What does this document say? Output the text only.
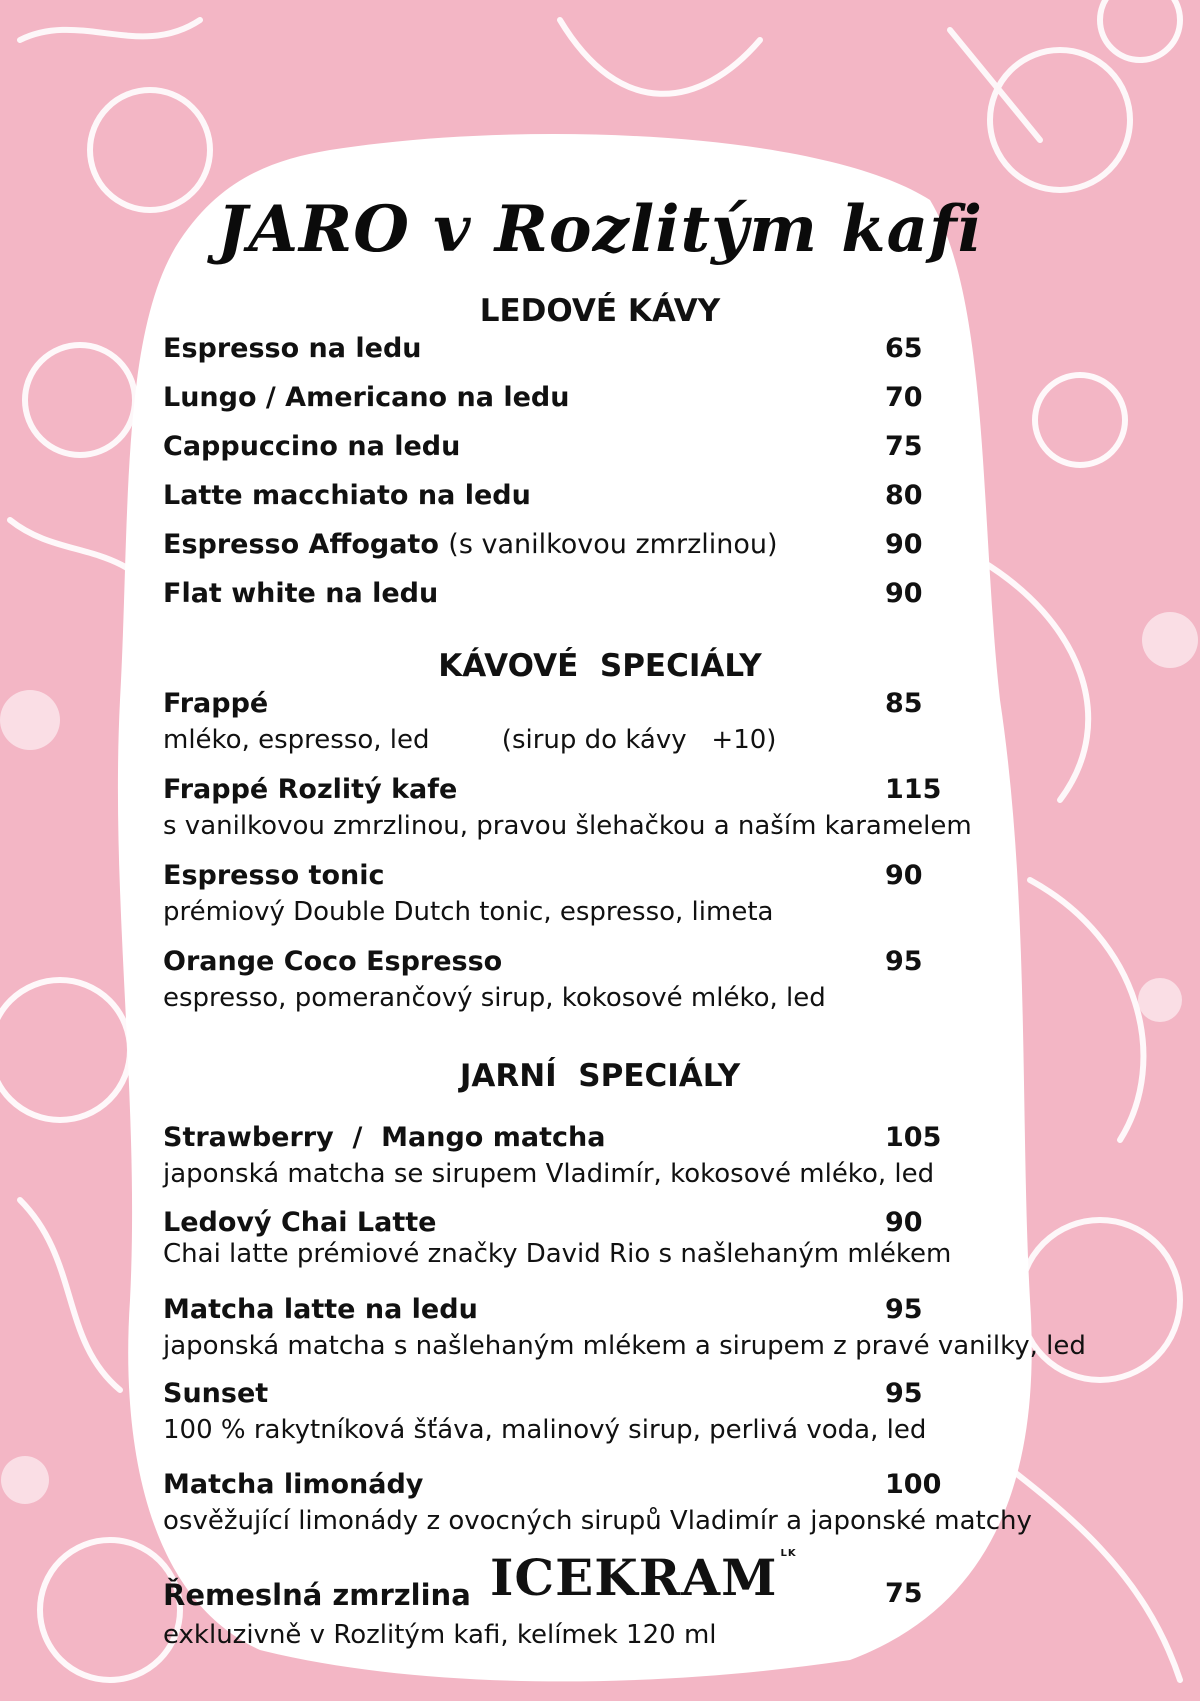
JARO v Rozlitým kafi
LEDOVÉ KÁVY
Espresso na ledu	65
Lungo / Americano na ledu	70
Cappuccino na ledu	75
Latte macchiato na ledu	80
Espresso Affogato (s vanilkovou zmrzlinou)	90
Flat white na ledu	90
KÁVOVÉ  SPECIÁLY
Frappé	85
mléko, espresso, led	(sirup do kávy   +10)
Frappé Rozlitý kafe	115
s vanilkovou zmrzlinou, pravou šlehačkou a naším karamelem
Espresso tonic	90
prémiový Double Dutch tonic, espresso, limeta
Orange Coco Espresso	95
espresso, pomerančový sirup, kokosové mléko, led
JARNÍ  SPECIÁLY
Strawberry  /  Mango matcha	105
japonská matcha se sirupem Vladimír, kokosové mléko, led
Ledový Chai Latte	90
Chai latte prémiové značky David Rio s našlehaným mlékem
Matcha latte na ledu	95
japonská matcha s našlehaným mlékem a sirupem z pravé vanilky, led
Sunset	95
100 % rakytníková šťáva, malinový sirup, perlivá voda, led
Matcha limonády	100
osvěžující limonády z ovocných sirupů Vladimír a japonské matchy
Řemeslná zmrzlina	75
ICEKRAM $^{LK}$
exkluzivně v Rozlitým kafi, kelímek 120 ml
